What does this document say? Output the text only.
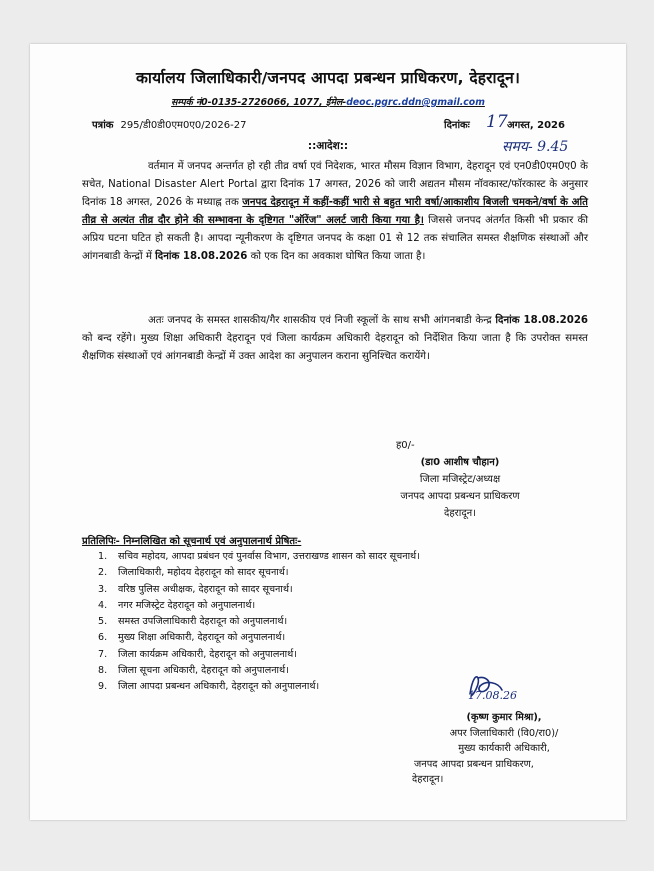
कार्यालय जिलाधिकारी/जनपद आपदा प्रबन्धन प्राधिकरण, देहरादून।
सम्पर्क नं0-0135-2726066, 1077, ईमेल-deoc.pgrc.ddn@gmail.com
पत्रांक 295/डी0डी0एम0ए0/2026-27	दिनांकः 17 अगस्त, 2026
::आदेश::	समय- 9.45
वर्तमान में जनपद अन्तर्गत हो रही तीव्र वर्षा एवं निदेशक, भारत मौसम विज्ञान विभाग, देहरादून एवं एन0डी0एम0ए0 के सचेत, National Disaster Alert Portal द्वारा दिनांक 17 अगस्त, 2026 को जारी अद्यतन मौसम नॉवकास्ट/फॉरकास्ट के अनुसार दिनांक 18 अगस्त, 2026 के मध्याह्न तक जनपद देहरादून में कहीं-कहीं भारी से बहुत भारी वर्षा/आकाशीय बिजली चमकने/वर्षा के अति तीव्र से अत्यंत तीव्र दौर होने की सम्भावना के दृष्टिगत "ऑरेंज" अलर्ट जारी किया गया है। जिससे जनपद अंतर्गत किसी भी प्रकार की अप्रिय घटना घटित हो सकती है। आपदा न्यूनीकरण के दृष्टिगत जनपद के कक्षा 01 से 12 तक संचालित समस्त शैक्षणिक संस्थाओं और आंगनबाडी केन्द्रों में दिनांक 18.08.2026 को एक दिन का अवकाश घोषित किया जाता है।
अतः जनपद के समस्त शासकीय/गैर शासकीय एवं निजी स्कूलों के साथ सभी आंगनबाडी केन्द्र दिनांक 18.08.2026 को बन्द रहेंगे। मुख्य शिक्षा अधिकारी देहरादून एवं जिला कार्यक्रम अधिकारी देहरादून को निर्देशित किया जाता है कि उपरोक्त समस्त शैक्षणिक संस्थाओं एवं आंगनबाडी केन्द्रों में उक्त आदेश का अनुपालन कराना सुनिश्चित करायेंगे।
ह0/-
(डा0 आशीष चौहान)
जिला मजिस्ट्रेट/अध्यक्ष
जनपद आपदा प्रबन्धन प्राधिकरण
देहरादून।
प्रतिलिपिः- निम्नलिखित को सूचनार्थ एवं अनुपालनार्थ प्रेषितः-
1. सचिव महोदय, आपदा प्रबंधन एवं पुनर्वास विभाग, उत्तराखण्ड शासन को सादर सूचनार्थ।
2. जिलाधिकारी, महोदय देहरादून को सादर सूचनार्थ।
3. वरिष्ठ पुलिस अधीक्षक, देहरादून को सादर सूचनार्थ।
4. नगर मजिस्ट्रेट देहरादून को अनुपालनार्थ।
5. समस्त उपजिलाधिकारी देहरादून को अनुपालनार्थ।
6. मुख्य शिक्षा अधिकारी, देहरादून को अनुपालनार्थ।
7. जिला कार्यक्रम अधिकारी, देहरादून को अनुपालनार्थ।
8. जिला सूचना अधिकारी, देहरादून को अनुपालनार्थ।
9. जिला आपदा प्रबन्धन अधिकारी, देहरादून को अनुपालनार्थ।
17.08.26
(कृष्ण कुमार मिश्रा),
अपर जिलाधिकारी (वि0/रा0)/
मुख्य कार्यकारी अधिकारी,
जनपद आपदा प्रबन्धन प्राधिकरण,
देहरादून।
